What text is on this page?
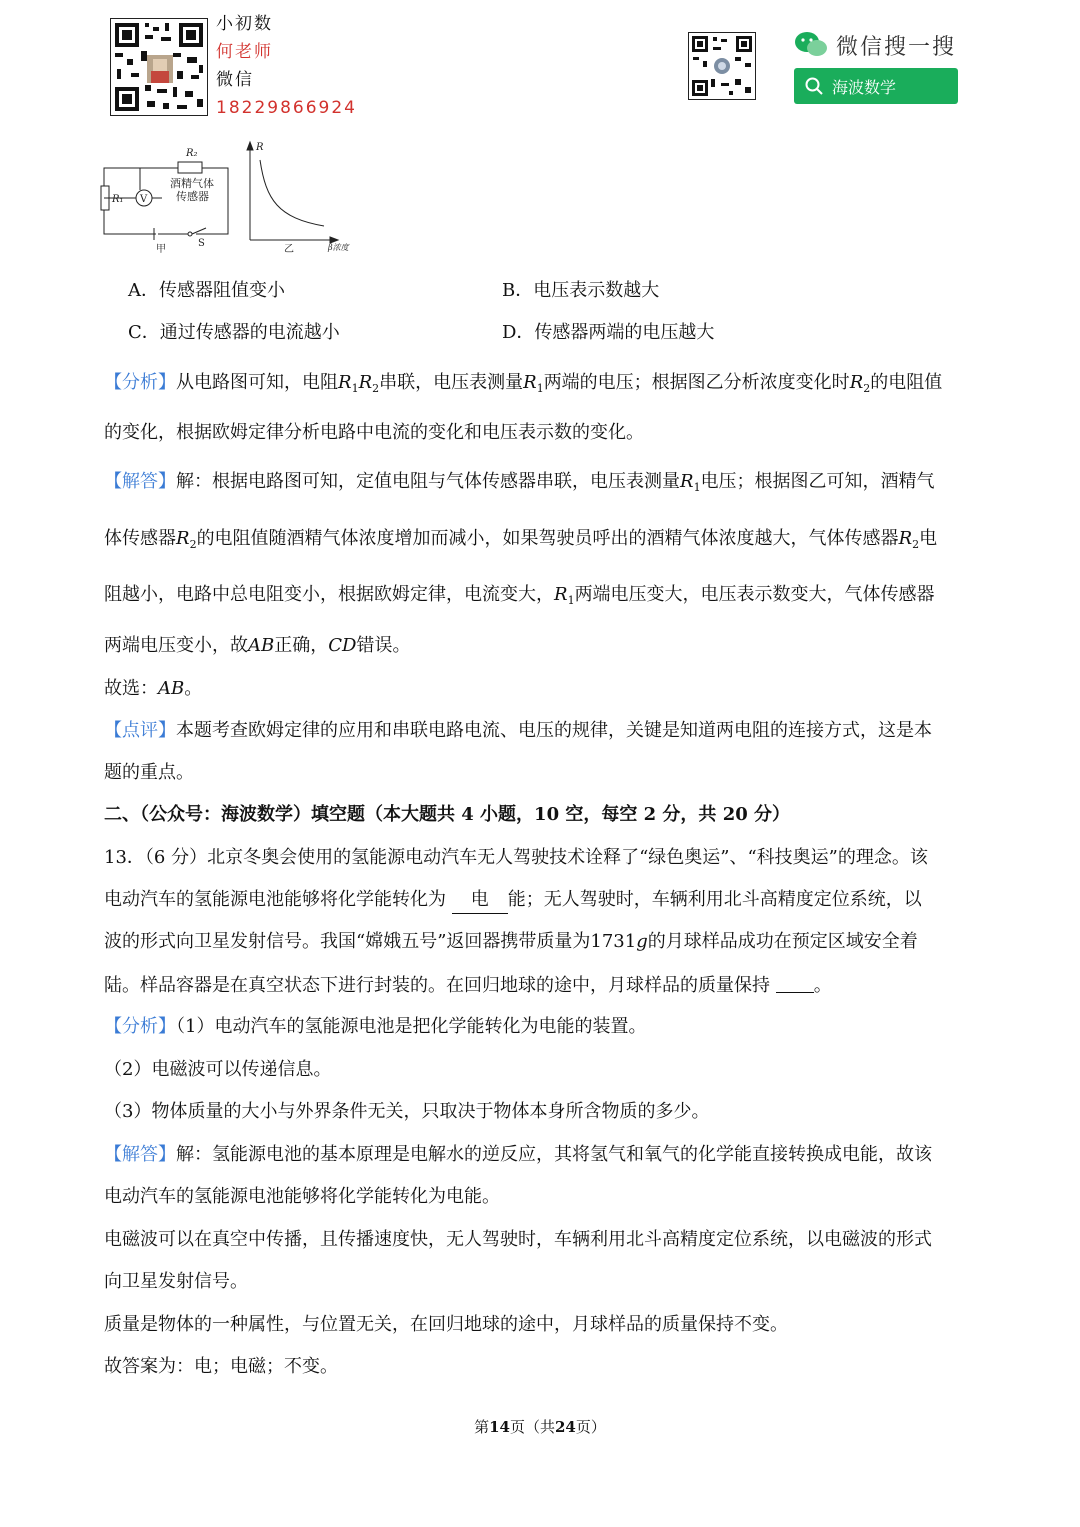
小初数
何老师
微信
18229866924
微信搜一搜
海波数学
R₂
R₁ V
酒精气体
传感器
S
甲
R
乙	β浓度
A．传感器阻值变小	B．电压表示数越大
C．通过传感器的电流越小	D．传感器两端的电压越大
【分析】从电路图可知，电阻$R_1R_2$串联，电压表测量$R_1$两端的电压；根据图乙分析浓度变化时$R_2$的电阻值
的变化，根据欧姆定律分析电路中电流的变化和电压表示数的变化。
【解答】解：根据电路图可知，定值电阻与气体传感器串联，电压表测量$R_1$电压；根据图乙可知，酒精气
体传感器$R_2$的电阻值随酒精气体浓度增加而减小，如果驾驶员呼出的酒精气体浓度越大，气体传感器$R_2$电
阻越小，电路中总电阻变小，根据欧姆定律，电流变大，$R_1$两端电压变大，电压表示数变大，气体传感器
两端电压变小，故AB正确，CD错误。
故选：AB。
【点评】本题考查欧姆定律的应用和串联电路电流、电压的规律，关键是知道两电阻的连接方式，这是本
题的重点。
二、（公众号：海波数学）填空题（本大题共 4 小题，10 空，每空 2 分，共 20 分）
13．（6 分）北京冬奥会使用的氢能源电动汽车无人驾驶技术诠释了“绿色奥运”、“科技奥运”的理念。该
电动汽车的氢能源电池能够将化学能转化为 电 能；无人驾驶时，车辆利用北斗高精度定位系统，以
波的形式向卫星发射信号。我国“嫦娥五号”返回器携带质量为1731g的月球样品成功在预定区域安全着
陆。样品容器是在真空状态下进行封装的。在回归地球的途中，月球样品的质量保持 。
【分析】（1）电动汽车的氢能源电池是把化学能转化为电能的装置。
（2）电磁波可以传递信息。
（3）物体质量的大小与外界条件无关，只取决于物体本身所含物质的多少。
【解答】解：氢能源电池的基本原理是电解水的逆反应，其将氢气和氧气的化学能直接转换成电能，故该
电动汽车的氢能源电池能够将化学能转化为电能。
电磁波可以在真空中传播，且传播速度快，无人驾驶时，车辆利用北斗高精度定位系统，以电磁波的形式
向卫星发射信号。
质量是物体的一种属性，与位置无关，在回归地球的途中，月球样品的质量保持不变。
故答案为：电；电磁；不变。
第14页（共24页）
